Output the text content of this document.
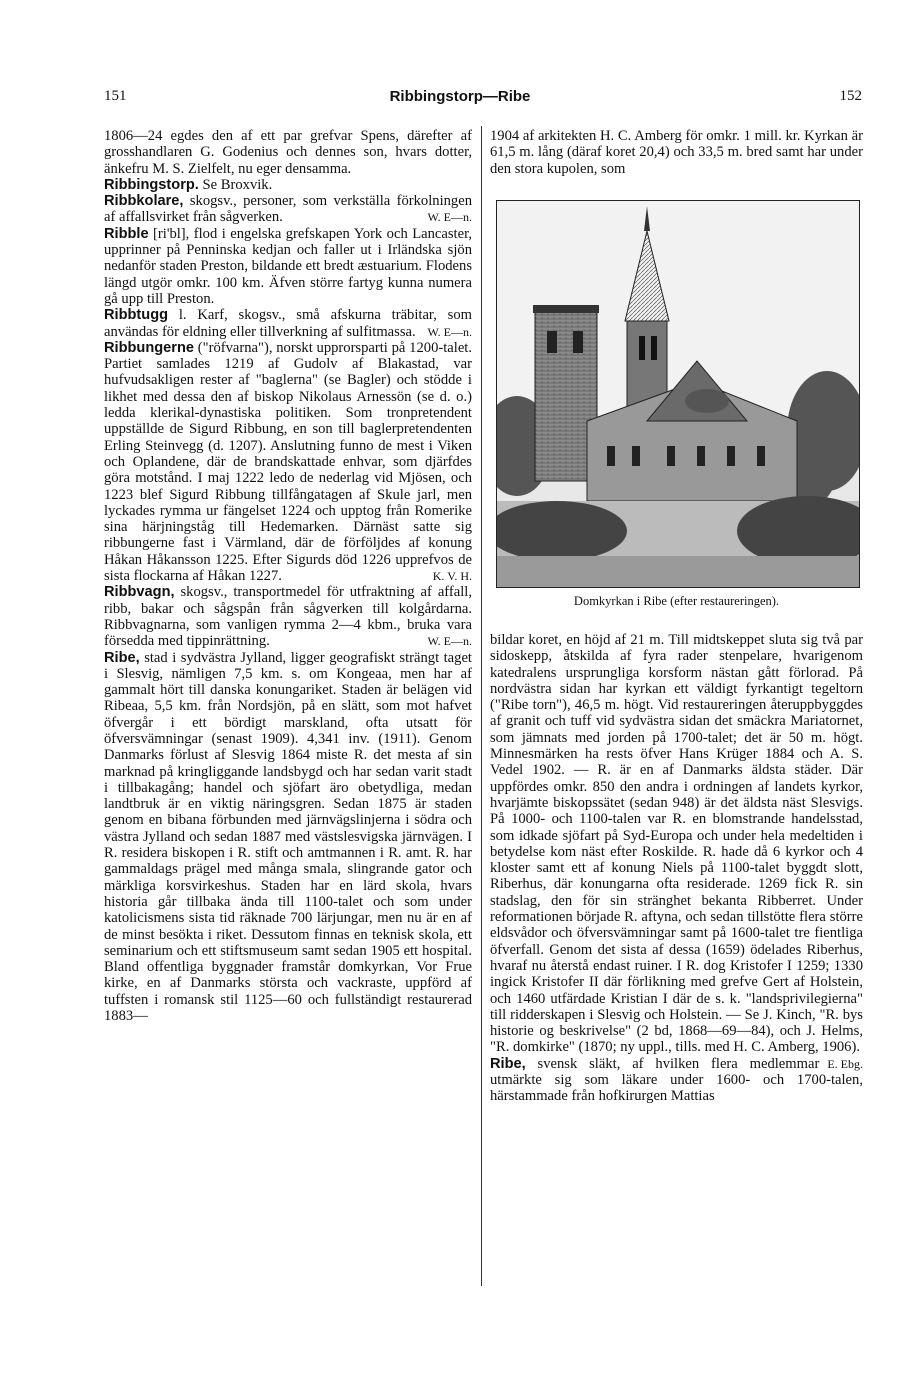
151	Ribbingstorp—Ribe	152

1806—24 egdes den af ett par grefvar Spens, därefter af grosshandlaren G. Godenius och dennes son, hvars dotter, änkefru M. S. Zielfelt, nu eger densamma.

Ribbingstorp. Se Broxvik.

Ribbkolare, skogsv., personer, som verkställa förkolningen af affallsvirket från sågverken.	W. E—n.

Ribble [ri'bl], flod i engelska grefskapen York och Lancaster, upprinner på Penninska kedjan och faller ut i Irländska sjön nedanför staden Preston, bildande ett bredt æstuarium. Flodens längd utgör omkr. 100 km. Äfven större fartyg kunna numera gå upp till Preston.

Ribbtugg l. Karf, skogsv., små afskurna träbitar, som användas för eldning eller tillverkning af sulfitmassa. W. E—n.

Ribbungerne ("röfvarna"), norskt upprorsparti på 1200-talet. Partiet samlades 1219 af Gudolv af Blakastad, var hufvudsakligen rester af "baglerna" (se Bagler) och stödde i likhet med dessa den af biskop Nikolaus Arnessön (se d. o.) ledda klerikal-dynastiska politiken. Som tronpretendent uppställde de Sigurd Ribbung, en son till baglerpretendenten Erling Steinvegg (d. 1207). Anslutning funno de mest i Viken och Oplandene, där de brandskattade enhvar, som djärfdes göra motstånd. I maj 1222 ledo de nederlag vid Mjösen, och 1223 blef Sigurd Ribbung tillfångatagen af Skule jarl, men lyckades rymma ur fängelset 1224 och upptog från Romerike sina härjningståg till Hedemarken. Därnäst satte sig ribbungerne fast i Värmland, där de förföljdes af konung Håkan Håkansson 1225. Efter Sigurds död 1226 upprefvos de sista flockarna af Håkan 1227.	K. V. H.

Ribbvagn, skogsv., transportmedel för utfraktning af affall, ribb, bakar och sågspån från sågverken till kolgårdarna. Ribbvagnarna, som vanligen rymma 2—4 kbm., bruka vara försedda med tippinrättning.	W. E—n.

Ribe, stad i sydvästra Jylland, ligger geografiskt strängt taget i Slesvig, nämligen 7,5 km. s. om Kongeaa, men har af gammalt hört till danska konungariket. Staden är belägen vid Ribeaa, 5,5 km. från Nordsjön, på en slätt, som mot hafvet öfvergår i ett bördigt marskland, ofta utsatt för öfversvämningar (senast 1909). 4,341 inv. (1911). Genom Danmarks förlust af Slesvig 1864 miste R. det mesta af sin marknad på kringliggande landsbygd och har sedan varit stadt i tillbakagång; handel och sjöfart äro obetydliga, medan landtbruk är en viktig näringsgren. Sedan 1875 är staden genom en bibana förbunden med järnvägslinjerna i södra och västra Jylland och sedan 1887 med västslesvigska järnvägen. I R. residera biskopen i R. stift och amtmannen i R. amt. R. har gammaldags prägel med många smala, slingrande gator och märkliga korsvirkeshus. Staden har en lärd skola, hvars historia går tillbaka ända till 1100-talet och som under katolicismens sista tid räknade 700 lärjungar, men nu är en af de minst besökta i riket. Dessutom finnas en teknisk skola, ett seminarium och ett stiftsmuseum samt sedan 1905 ett hospital. Bland offentliga byggnader framstår domkyrkan, Vor Frue kirke, en af Danmarks största och vackraste, uppförd af tuffsten i romansk stil 1125—60 och fullständigt restaurerad 1883—

1904 af arkitekten H. C. Amberg för omkr. 1 mill. kr. Kyrkan är 61,5 m. lång (däraf koret 20,4) och 33,5 m. bred samt har under den stora kupolen, som
Domkyrkan i Ribe (efter restaureringen).

bildar koret, en höjd af 21 m. Till midtskeppet sluta sig två par sidoskepp, åtskilda af fyra rader stenpelare, hvarigenom katedralens ursprungliga korsform nästan gått förlorad. På nordvästra sidan har kyrkan ett väldigt fyrkantigt tegeltorn ("Ribe torn"), 46,5 m. högt. Vid restaureringen återuppbyggdes af granit och tuff vid sydvästra sidan det smäckra Mariatornet, som jämnats med jorden på 1700-talet; det är 50 m. högt. Minnesmärken ha rests öfver Hans Krüger 1884 och A. S. Vedel 1902. — R. är en af Danmarks äldsta städer. Där uppfördes omkr. 850 den andra i ordningen af landets kyrkor, hvarjämte biskopssätet (sedan 948) är det äldsta näst Slesvigs. På 1000- och 1100-talen var R. en blomstrande handelsstad, som idkade sjöfart på Syd-Europa och under hela medeltiden i betydelse kom näst efter Roskilde. R. hade då 6 kyrkor och 4 kloster samt ett af konung Niels på 1100-talet byggdt slott, Riberhus, där konungarna ofta residerade. 1269 fick R. sin stadslag, den för sin stränghet bekanta Ribberret. Under reformationen började R. aftyna, och sedan tillstötte flera större eldsvådor och öfversvämningar samt på 1600-talet tre fientliga öfverfall. Genom det sista af dessa (1659) ödelades Riberhus, hvaraf nu återstå endast ruiner. I R. dog Kristofer I 1259; 1330 ingick Kristofer II där förlikning med grefve Gert af Holstein, och 1460 utfärdade Kristian I där de s. k. "landsprivilegierna" till ridderskapen i Slesvig och Holstein. — Se J. Kinch, "R. bys historie og beskrivelse" (2 bd, 1868—69—84), och J. Helms, "R. domkirke" (1870; ny uppl., tills. med H. C. Amberg, 1906).
E. Ebg.

Ribe, svensk släkt, af hvilken flera medlemmar utmärkte sig som läkare under 1600- och 1700-talen, härstammade från hofkirurgen Mattias
